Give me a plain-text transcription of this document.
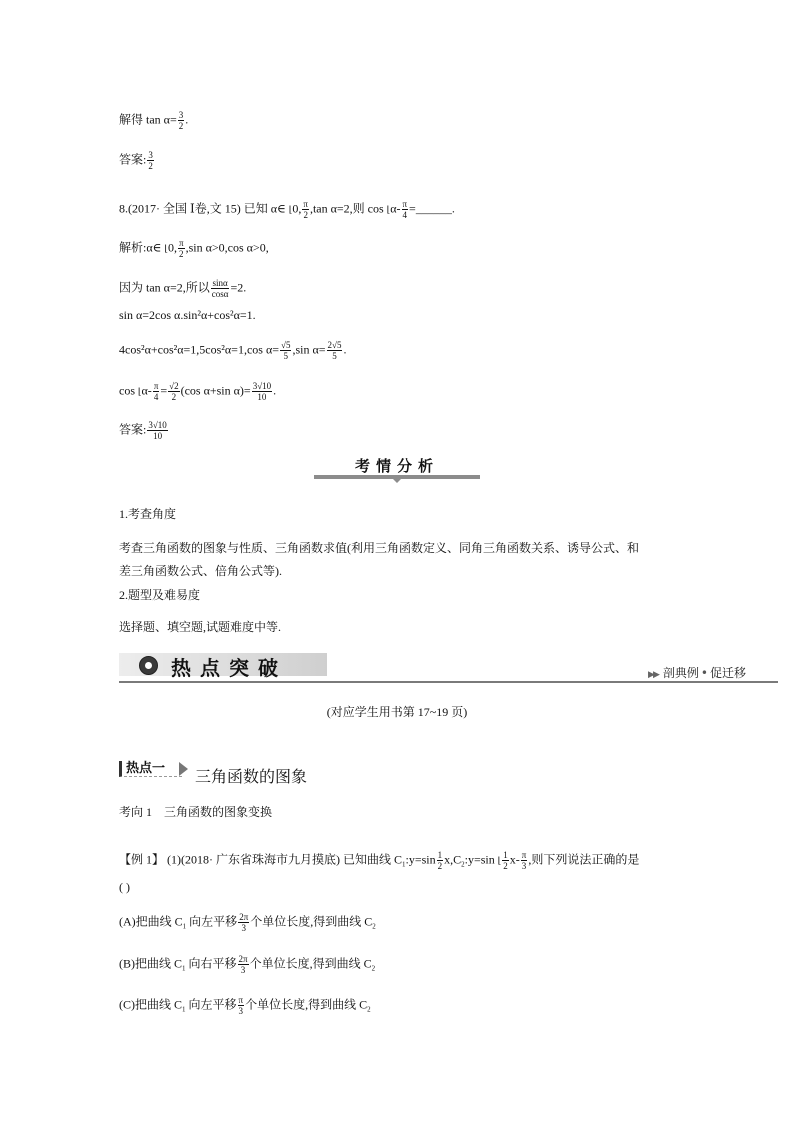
解得 $\tan \alpha= \frac{3}{2}$ .
答案: $\frac{3}{2}$
8.(2017· 全国 Ⅰ卷,文 15) 已知 α∈ ⌊0, $\frac{\pi}{2} ,\tan$ α=2,则 cos ⌊α- $\frac{\pi}{4}$ =______.
解析:α∈ ⌊0, $\frac{\pi}{2} ,\sin$ α>0,cos α>0,
因为 tan α=2,所以 $\frac{\sin\alpha}{\cos\alpha} =2$.
sin α=2cos α.sin²α+cos²α=1.
4cos²α+cos²α=1,5cos²α=1,cos $\alpha= \frac{√5}{5} ,\sin$ $\alpha= \frac{2√5}{5}$ .
cos ⌊α- $\frac{\pi}{4} = \frac{√2}{2} (\cos$ α+sin $\alpha)= \frac{3√10}{10}$ .
答案: $\frac{3√10}{10}$
考情分析
1.考查角度
考查三角函数的图象与性质、三角函数求值(利用三角函数定义、同角三角函数关系、诱导公式、和
差三角函数公式、倍角公式等).
2.题型及难易度
选择题、填空题,试题难度中等.
热点突破	▶▶ 剖典例 • 促迁移
(对应学生用书第 17~19 页)
热点一	三角函数的图象
考向 1　三角函数的图象变换
【例 1】 (1)(2018· 广东省珠海市九月摸底) 已知曲线 $C_1:y=\sin \frac{1}{2}$ $x,C_2:y=\sin$ ⌊ $\frac{1}{2} x- \frac{\pi}{3}$ ,则下列说法正确的是
( )
(A)把曲线 $C_1$ 向左平移 $\frac{2\pi}{3}$ 个单位长度,得到曲线 $C_2$
(B)把曲线 $C_1$ 向右平移 $\frac{2\pi}{3}$ 个单位长度,得到曲线 $C_2$
(C)把曲线 $C_1$ 向左平移 $\frac{\pi}{3}$ 个单位长度,得到曲线 $C_2$
